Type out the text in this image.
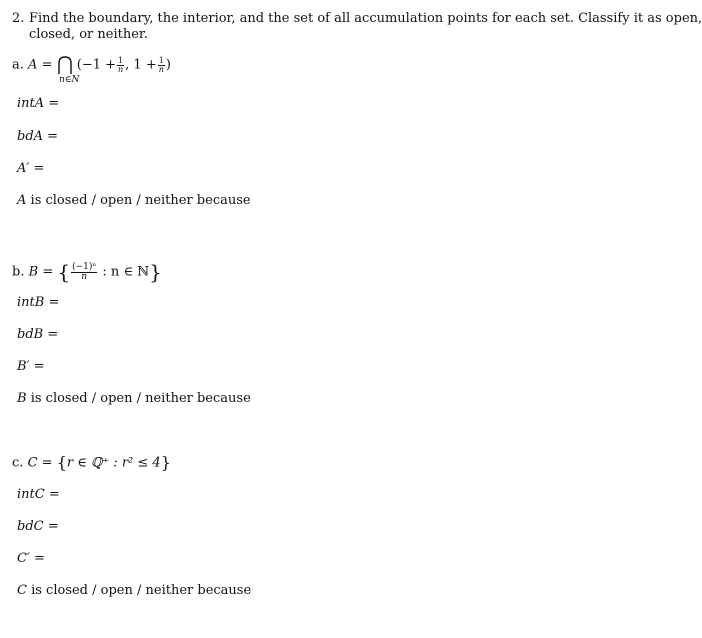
2. Find the boundary, the interior, and the set of all accumulation points for each set. Classify it as open,
closed, or neither.
a. $A = (-1 + \frac{1}{n}$ , $1 + \frac{1}{n}$ )
n∈N
intA =
bdA =
A′ =
A is closed / open / neither because
b. B = { $\frac{\text{(−1)ⁿ}}{n}$ : n ∈ ℕ}
intB =
bdB =
B′ =
B is closed / open / neither because
c. C = {r ∈ ℚ⁺ : r² ≤ 4}
intC =
bdC =
C′ =
C is closed / open / neither because
